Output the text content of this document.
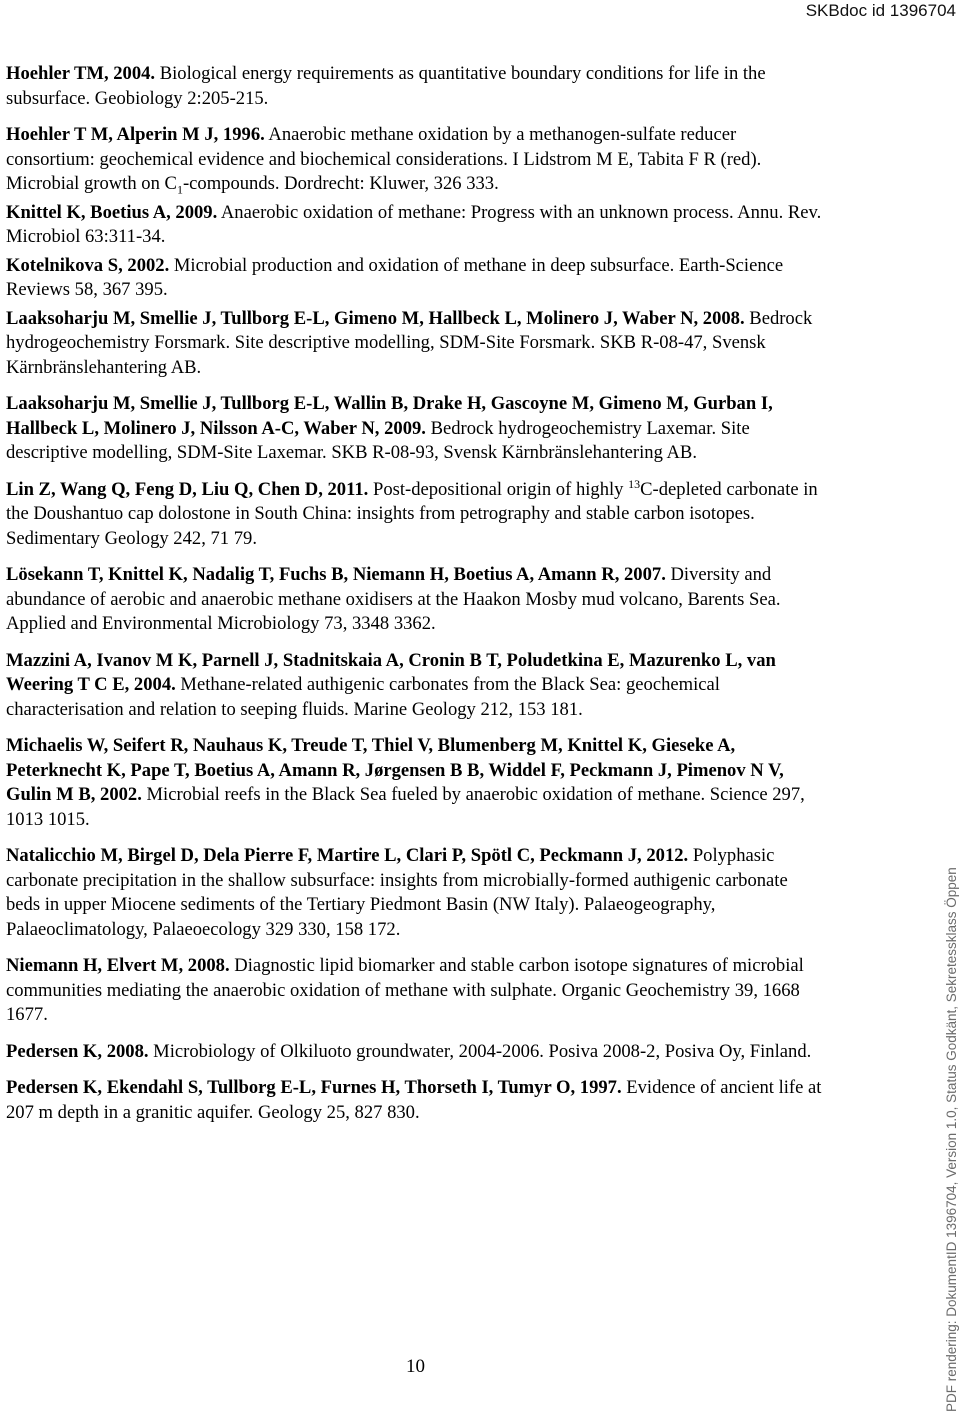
SKBdoc id 1396704

Hoehler TM, 2004. Biological energy requirements as quantitative boundary conditions for life in the subsurface. Geobiology 2:205-215.

Hoehler T M, Alperin M J, 1996. Anaerobic methane oxidation by a methanogen-sulfate reducer consortium: geochemical evidence and biochemical considerations. I Lidstrom M E, Tabita F R (red). Microbial growth on $C_1$-compounds. Dordrecht: Kluwer, 326 333.

Knittel K, Boetius A, 2009. Anaerobic oxidation of methane: Progress with an unknown process. Annu. Rev. Microbiol 63:311-34.

Kotelnikova S, 2002. Microbial production and oxidation of methane in deep subsurface. Earth-Science Reviews 58, 367 395.

Laaksoharju M, Smellie J, Tullborg E-L, Gimeno M, Hallbeck L, Molinero J, Waber N, 2008. Bedrock hydrogeochemistry Forsmark. Site descriptive modelling, SDM-Site Forsmark. SKB R-08-47, Svensk Kärnbränslehantering AB.

Laaksoharju M, Smellie J, Tullborg E-L, Wallin B, Drake H, Gascoyne M, Gimeno M, Gurban I, Hallbeck L, Molinero J, Nilsson A-C, Waber N, 2009. Bedrock hydrogeochemistry Laxemar. Site descriptive modelling, SDM-Site Laxemar. SKB R-08-93, Svensk Kärnbränslehantering AB.

Lin Z, Wang Q, Feng D, Liu Q, Chen D, 2011. Post-depositional origin of highly $^{13}$C-depleted carbonate in the Doushantuo cap dolostone in South China: insights from petrography and stable carbon isotopes. Sedimentary Geology 242, 71 79.

Lösekann T, Knittel K, Nadalig T, Fuchs B, Niemann H, Boetius A, Amann R, 2007. Diversity and abundance of aerobic and anaerobic methane oxidisers at the Haakon Mosby mud volcano, Barents Sea. Applied and Environmental Microbiology 73, 3348 3362.

Mazzini A, Ivanov M K, Parnell J, Stadnitskaia A, Cronin B T, Poludetkina E, Mazurenko L, van Weering T C E, 2004. Methane-related authigenic carbonates from the Black Sea: geochemical characterisation and relation to seeping fluids. Marine Geology 212, 153 181.

Michaelis W, Seifert R, Nauhaus K, Treude T, Thiel V, Blumenberg M, Knittel K, Gieseke A, Peterknecht K, Pape T, Boetius A, Amann R, Jørgensen B B, Widdel F, Peckmann J, Pimenov N V, Gulin M B, 2002. Microbial reefs in the Black Sea fueled by anaerobic oxidation of methane. Science 297, 1013 1015.

Natalicchio M, Birgel D, Dela Pierre F, Martire L, Clari P, Spötl C, Peckmann J, 2012. Polyphasic carbonate precipitation in the shallow subsurface: insights from microbially-formed authigenic carbonate beds in upper Miocene sediments of the Tertiary Piedmont Basin (NW Italy). Palaeogeography, Palaeoclimatology, Palaeoecology 329 330, 158 172.

Niemann H, Elvert M, 2008. Diagnostic lipid biomarker and stable carbon isotope signatures of microbial communities mediating the anaerobic oxidation of methane with sulphate. Organic Geochemistry 39, 1668 1677.

Pedersen K, 2008. Microbiology of Olkiluoto groundwater, 2004-2006. Posiva 2008-2, Posiva Oy, Finland.

Pedersen K, Ekendahl S, Tullborg E-L, Furnes H, Thorseth I, Tumyr O, 1997. Evidence of ancient life at 207 m depth in a granitic aquifer. Geology 25, 827 830.

10	PDF rendering: DokumentID 1396704, Version 1.0, Status Godkänt, Sekretessklass Öppen
